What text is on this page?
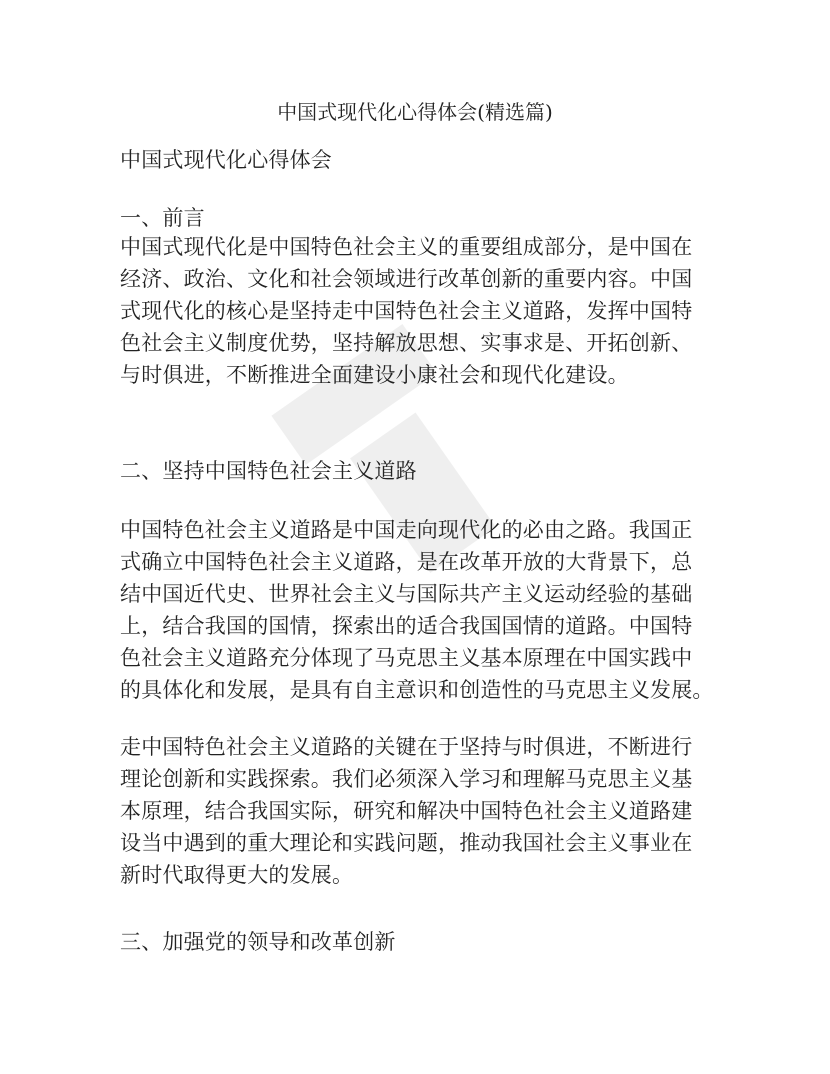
中国式现代化心得体会(精选篇)
中国式现代化心得体会
一、前言
中国式现代化是中国特色社会主义的重要组成部分，是中国在
经济、政治、文化和社会领域进行改革创新的重要内容。中国
式现代化的核心是坚持走中国特色社会主义道路，发挥中国特
色社会主义制度优势，坚持解放思想、实事求是、开拓创新、
与时俱进，不断推进全面建设小康社会和现代化建设。
二、坚持中国特色社会主义道路
中国特色社会主义道路是中国走向现代化的必由之路。我国正
式确立中国特色社会主义道路，是在改革开放的大背景下，总
结中国近代史、世界社会主义与国际共产主义运动经验的基础
上，结合我国的国情，探索出的适合我国国情的道路。中国特
色社会主义道路充分体现了马克思主义基本原理在中国实践中
的具体化和发展，是具有自主意识和创造性的马克思主义发展。
走中国特色社会主义道路的关键在于坚持与时俱进，不断进行
理论创新和实践探索。我们必须深入学习和理解马克思主义基
本原理，结合我国实际，研究和解决中国特色社会主义道路建
设当中遇到的重大理论和实践问题，推动我国社会主义事业在
新时代取得更大的发展。
三、加强党的领导和改革创新
